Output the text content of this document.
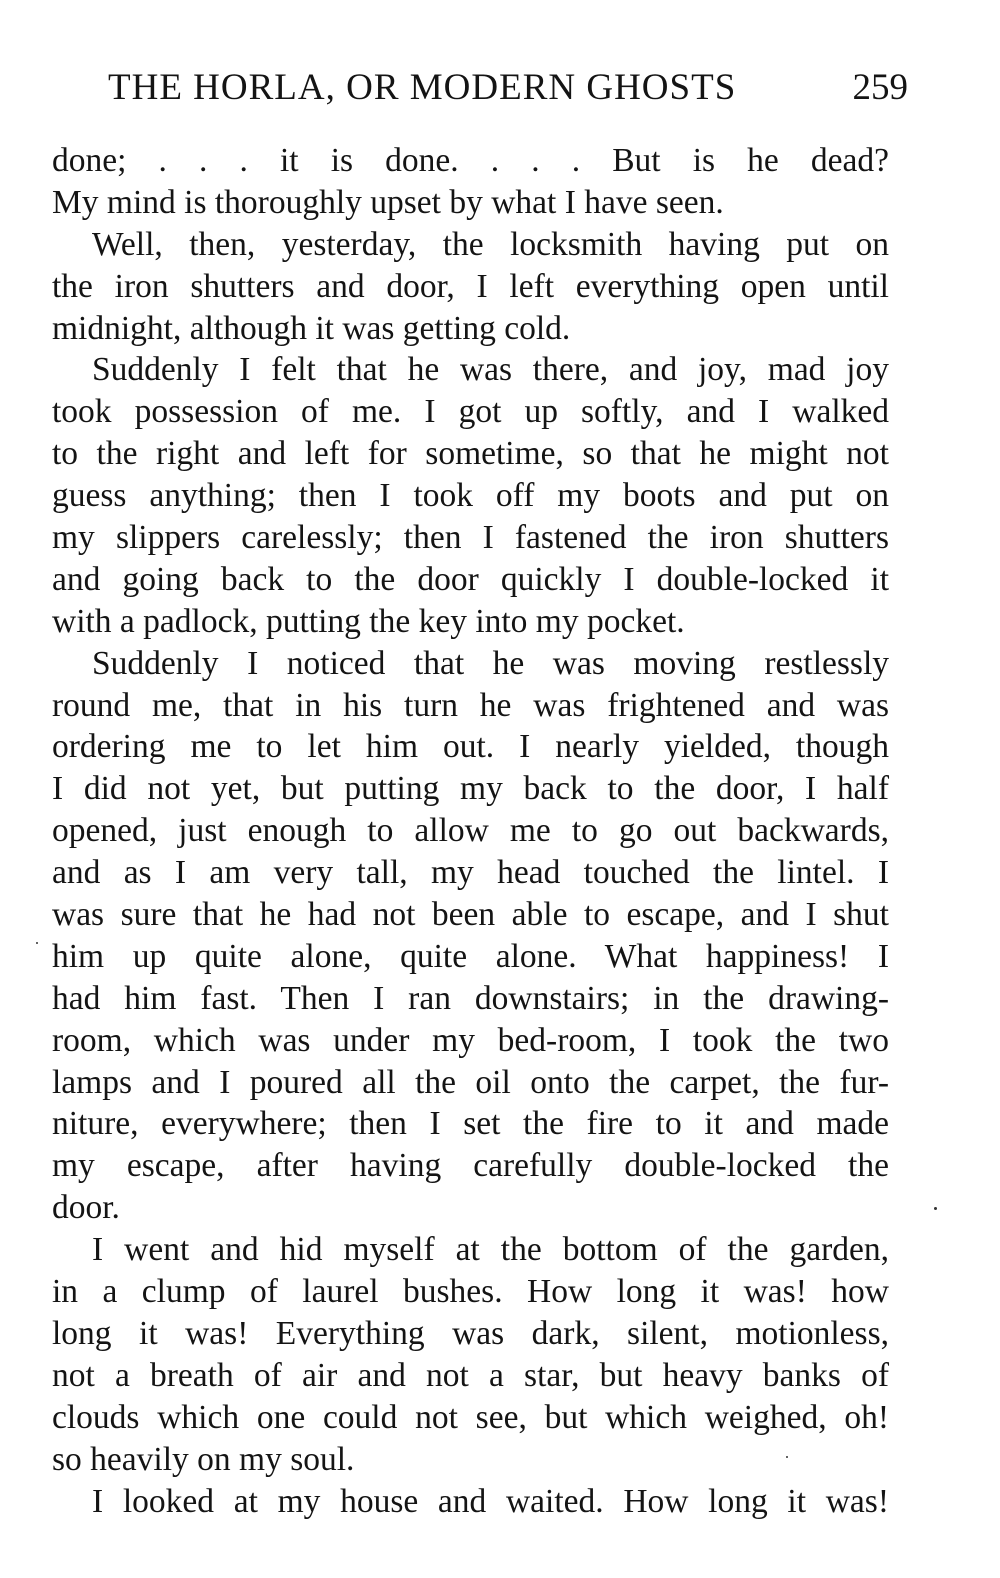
THE HORLA, OR MODERN GHOSTS	259
done; . . . it is done. . . . But is he dead?
My mind is thoroughly upset by what I have seen.
Well, then, yesterday, the locksmith having put on
the iron shutters and door, I left everything open until
midnight, although it was getting cold.
Suddenly I felt that he was there, and joy, mad joy
took possession of me. I got up softly, and I walked
to the right and left for sometime, so that he might not
guess anything; then I took off my boots and put on
my slippers carelessly; then I fastened the iron shutters
and going back to the door quickly I double-locked it
with a padlock, putting the key into my pocket.
Suddenly I noticed that he was moving restlessly
round me, that in his turn he was frightened and was
ordering me to let him out. I nearly yielded, though
I did not yet, but putting my back to the door, I half
opened, just enough to allow me to go out backwards,
and as I am very tall, my head touched the lintel. I
was sure that he had not been able to escape, and I shut
him up quite alone, quite alone. What happiness! I
had him fast. Then I ran downstairs; in the drawing-
room, which was under my bed-room, I took the two
lamps and I poured all the oil onto the carpet, the fur-
niture, everywhere; then I set the fire to it and made
my escape, after having carefully double-locked the
door.
I went and hid myself at the bottom of the garden,
in a clump of laurel bushes. How long it was! how
long it was! Everything was dark, silent, motionless,
not a breath of air and not a star, but heavy banks of
clouds which one could not see, but which weighed, oh!
so heavily on my soul.
I looked at my house and waited. How long it was!
